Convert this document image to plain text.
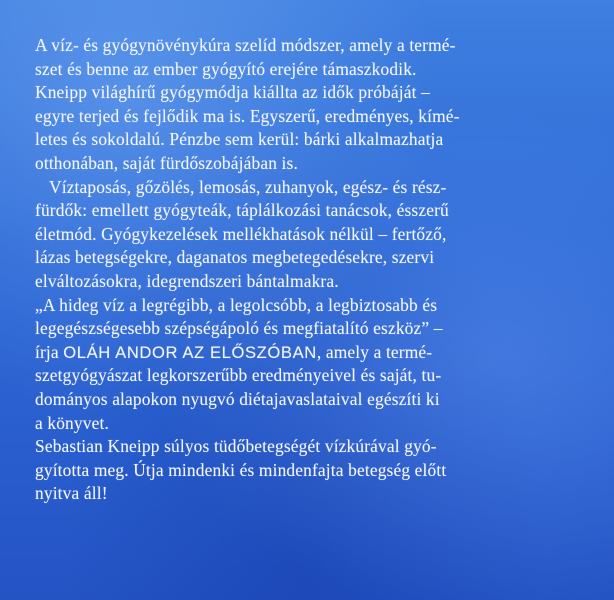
A víz- és gyógynövénykúra szelíd módszer, amely a termé-
szet és benne az ember gyógyító erejére támaszkodik.
Kneipp világhírű gyógymódja kiállta az idők próbáját –
egyre terjed és fejlődik ma is. Egyszerű, eredményes, kímé-
letes és sokoldalú. Pénzbe sem kerül: bárki alkalmazhatja
otthonában, saját fürdőszobájában is.

Víztaposás, gőzölés, lemosás, zuhanyok, egész- és rész-
fürdők: emellett gyógyteák, táplálkozási tanácsok, ésszerű
életmód. Gyógykezelések mellékhatások nélkül – fertőző,
lázas betegségekre, daganatos megbetegedésekre, szervi
elváltozásokra, idegrendszeri bántalmakra.

„A hideg víz a legrégibb, a legolcsóbb, a legbiztosabb és
legegészségesebb szépségápoló és megfiatalító eszköz” –
írja OLÁH ANDOR AZ ELŐSZÓBAN, amely a termé-
szetgyógyászat legkorszerűbb eredményeivel és saját, tu-
dományos alapokon nyugvó diétajavaslataival egészíti ki
a könyvet.

Sebastian Kneipp súlyos tüdőbetegségét vízkúrával gyó-
gyította meg. Útja mindenki és mindenfajta betegség előtt
nyitva áll!
